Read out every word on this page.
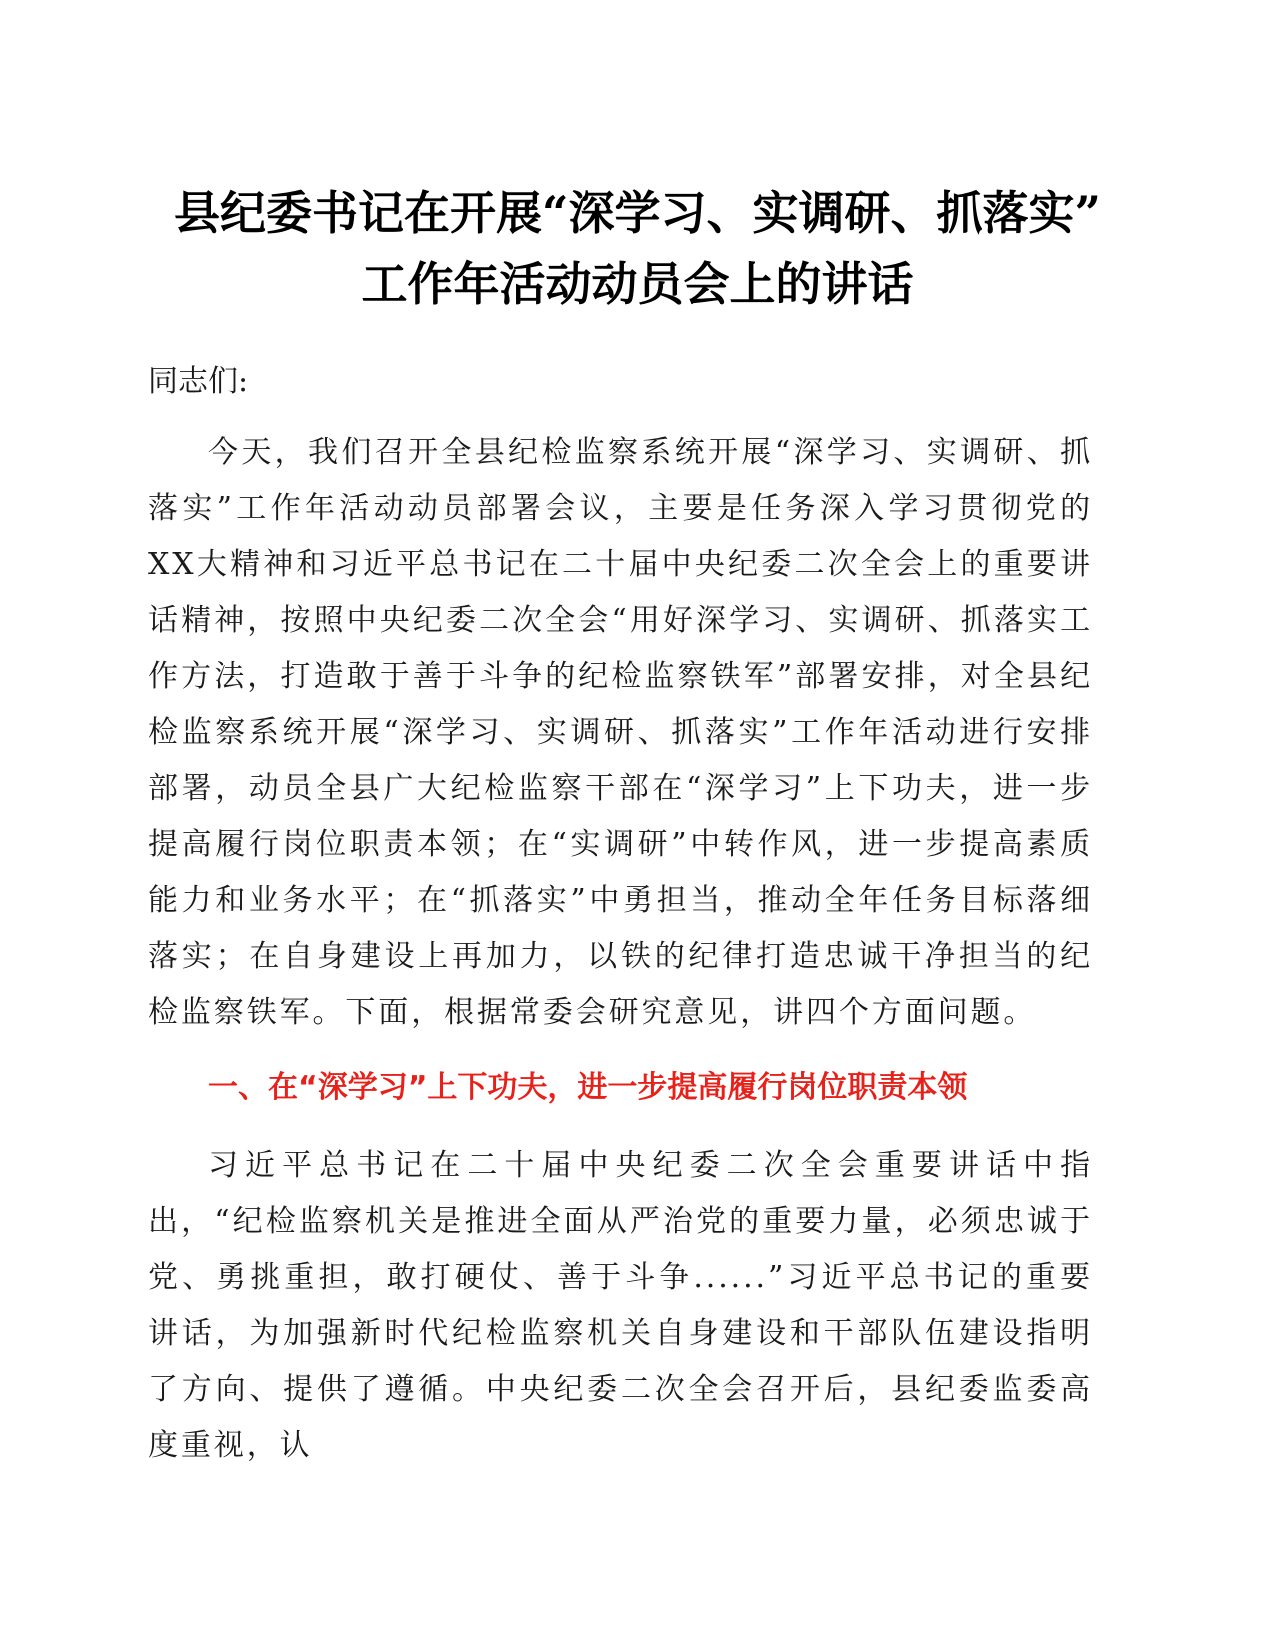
县纪委书记在开展“深学习、实调研、抓落实”
工作年活动动员会上的讲话

同志们:

今天，我们召开全县纪检监察系统开展“深学习、实调研、抓落实”工作年活动动员部署会议，主要是任务深入学习贯彻党的XX大精神和习近平总书记在二十届中央纪委二次全会上的重要讲话精神，按照中央纪委二次全会“用好深学习、实调研、抓落实工作方法，打造敢于善于斗争的纪检监察铁军”部署安排，对全县纪检监察系统开展“深学习、实调研、抓落实”工作年活动进行安排部署，动员全县广大纪检监察干部在“深学习”上下功夫，进一步提高履行岗位职责本领；在“实调研”中转作风，进一步提高素质能力和业务水平；在“抓落实”中勇担当，推动全年任务目标落细落实；在自身建设上再加力，以铁的纪律打造忠诚干净担当的纪检监察铁军。下面，根据常委会研究意见，讲四个方面问题。

一、在“深学习”上下功夫，进一步提高履行岗位职责本领

习近平总书记在二十届中央纪委二次全会重要讲话中指出，“纪检监察机关是推进全面从严治党的重要力量，必须忠诚于党、勇挑重担，敢打硬仗、善于斗争......”习近平总书记的重要讲话，为加强新时代纪检监察机关自身建设和干部队伍建设指明了方向、提供了遵循。中央纪委二次全会召开后，县纪委监委高度重视，认
